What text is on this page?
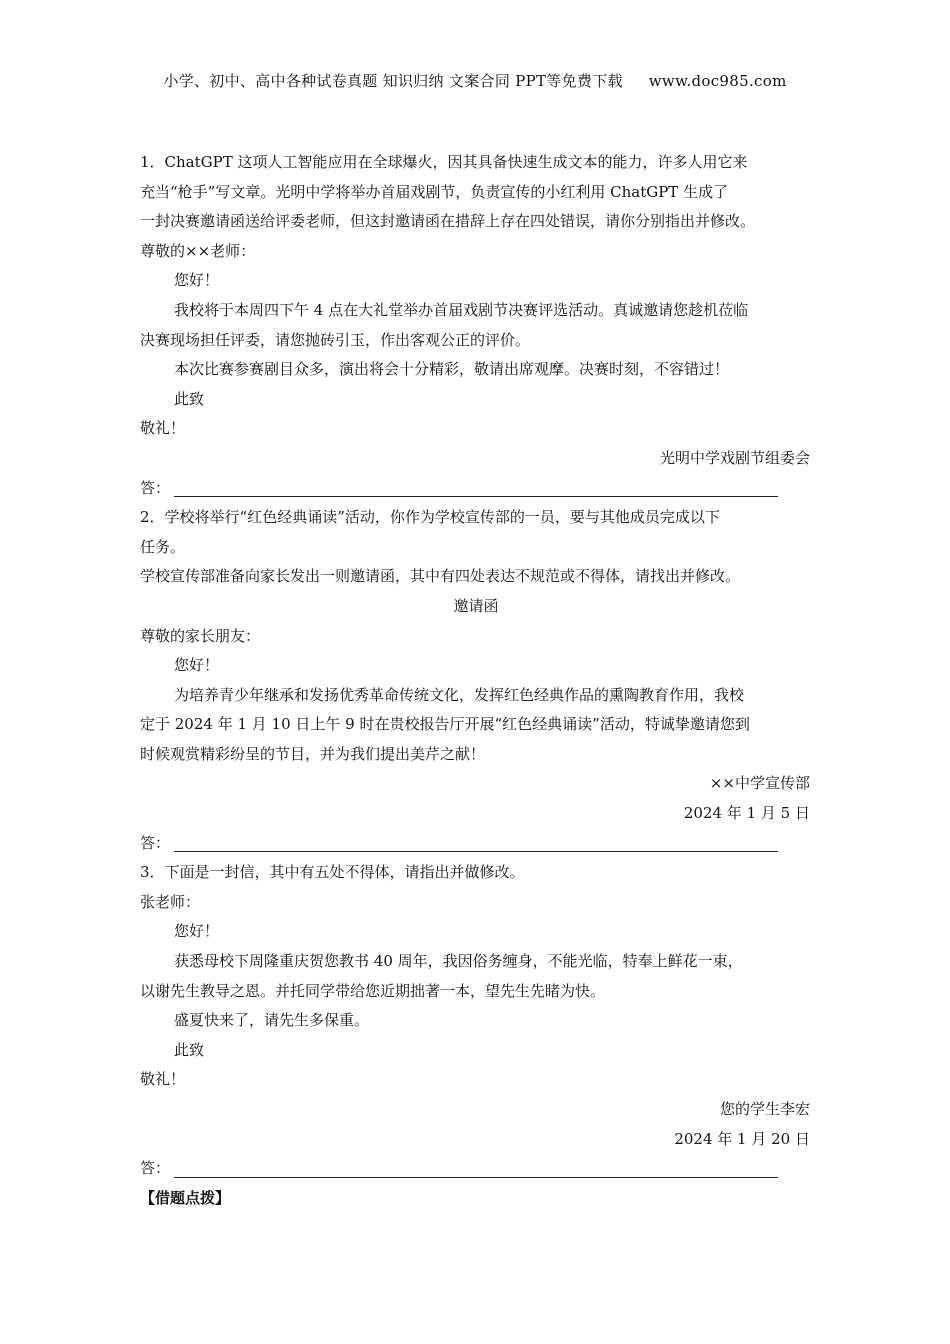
小学、初中、高中各种试卷真题 知识归纳 文案合同 PPT等免费下载 www.doc985.com
1．ChatGPT 这项人工智能应用在全球爆火，因其具备快速生成文本的能力，许多人用它来
充当“枪手”写文章。光明中学将举办首届戏剧节，负责宣传的小红利用 ChatGPT 生成了
一封决赛邀请函送给评委老师，但这封邀请函在措辞上存在四处错误，请你分别指出并修改。
尊敬的××老师：
您好！
我校将于本周四下午 4 点在大礼堂举办首届戏剧节决赛评选活动。真诚邀请您趁机莅临
决赛现场担任评委，请您抛砖引玉，作出客观公正的评价。
本次比赛参赛剧目众多，演出将会十分精彩，敬请出席观摩。决赛时刻，不容错过！
此致
敬礼！
光明中学戏剧节组委会
答：
2．学校将举行“红色经典诵读”活动，你作为学校宣传部的一员，要与其他成员完成以下
任务。
学校宣传部准备向家长发出一则邀请函，其中有四处表达不规范或不得体，请找出并修改。
邀请函
尊敬的家长朋友：
您好！
为培养青少年继承和发扬优秀革命传统文化，发挥红色经典作品的熏陶教育作用，我校
定于 2024 年 1 月 10 日上午 9 时在贵校报告厅开展“红色经典诵读”活动，特诚挚邀请您到
时候观赏精彩纷呈的节目，并为我们提出美芹之献！
××中学宣传部
2024 年 1 月 5 日
答：
3．下面是一封信，其中有五处不得体，请指出并做修改。
张老师：
您好！
获悉母校下周隆重庆贺您教书 40 周年，我因俗务缠身，不能光临，特奉上鲜花一束，
以谢先生教导之恩。并托同学带给您近期拙著一本，望先生先睹为快。
盛夏快来了，请先生多保重。
此致
敬礼！
您的学生李宏
2024 年 1 月 20 日
答：
【借题点拨】
